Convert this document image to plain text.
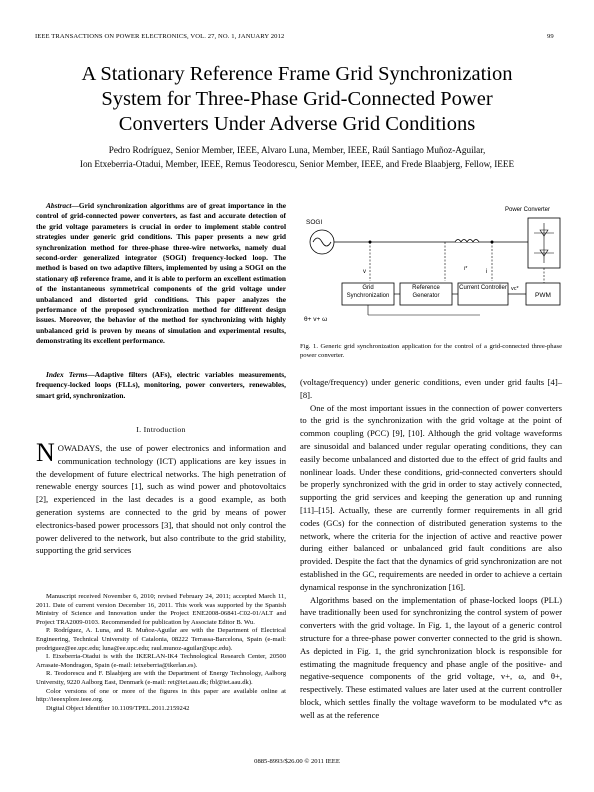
IEEE TRANSACTIONS ON POWER ELECTRONICS, VOL. 27, NO. 1, JANUARY 2012	99
A Stationary Reference Frame Grid Synchronization
System for Three-Phase Grid-Connected Power
Converters Under Adverse Grid Conditions
Pedro Rodríguez, Senior Member, IEEE, Alvaro Luna, Member, IEEE, Raúl Santiago Muñoz-Aguilar,
Ion Etxeberria-Otadui, Member, IEEE, Remus Teodorescu, Senior Member, IEEE, and Frede Blaabjerg, Fellow, IEEE

Abstract—Grid synchronization algorithms are of great importance in the control of grid-connected power converters, as fast and accurate detection of the grid voltage parameters is crucial in order to implement stable control strategies under generic grid conditions. This paper presents a new grid synchronization method for three-phase three-wire networks, namely dual second-order generalized integrator (SOGI) frequency-locked loop. The method is based on two adaptive filters, implemented by using a SOGI on the stationary αβ reference frame, and it is able to perform an excellent estimation of the instantaneous symmetrical components of the grid voltage under unbalanced and distorted grid conditions. This paper analyzes the performance of the proposed synchronization method for different design issues. Moreover, the behavior of the method for synchronizing with highly unbalanced grid is proven by means of simulation and experimental results, demonstrating its excellent performance.

Index Terms—Adaptive filters (AFs), electric variables measurements, frequency-locked loops (FLLs), monitoring, power converters, renewables, smart grid, synchronization.

I. Introduction

NOWADAYS, the use of power electronics and information and communication technology (ICT) applications are key issues in the development of future electrical networks. The high penetration of renewable energy sources [1], such as wind power and photovoltaics [2], experienced in the last decades is a good example, as both generation systems are connected to the grid by means of power electronics-based power processors [3], that should not only control the power delivered to the network, but also contribute to the grid stability, supporting the grid services

Manuscript received November 6, 2010; revised February 24, 2011; accepted March 11, 2011. Date of current version December 16, 2011. This work was supported by the Spanish Ministry of Science and Innovation under the Project ENE2008-06841-C02-01/ALT and Project TRA2009-0103. Recommended for publication by Associate Editor B. Wu.

P. Rodríguez, A. Luna, and R. Muñoz-Aguilar are with the Department of Electrical Engineering, Technical University of Catalonia, 08222 Terrassa-Barcelona, Spain (e-mail: prodriguez@ee.upc.edu; luna@ee.upc.edu; raul.munoz-aguilar@upc.edu).

I. Etxeberria-Otadui is with the IKERLAN-IK4 Technological Research Center, 20500 Arrasate-Mondragon, Spain (e-mail: ietxeberria@ikerlan.es).

R. Teodorescu and F. Blaabjerg are with the Department of Energy Technology, Aalborg University, 9220 Aalborg East, Denmark (e-mail: ret@iet.aau.dk; fbl@iet.aau.dk).

Color versions of one or more of the figures in this paper are available online at http://ieeexplore.ieee.org.

Digital Object Identifier 10.1109/TPEL.2011.2159242

SOGI
v	i
i*
Power Converter
Grid Synchronization
Reference Generator
Current Controller
PWM
vc*
θ+ v+ ω
Fig. 1. Generic grid synchronization application for the control of a grid-connected three-phase power converter.

(voltage/frequency) under generic conditions, even under grid faults [4]–[8].

One of the most important issues in the connection of power converters to the grid is the synchronization with the grid voltage at the point of common coupling (PCC) [9], [10]. Although the grid voltage waveforms are sinusoidal and balanced under regular operating conditions, they can easily become unbalanced and distorted due to the effect of grid faults and nonlinear loads. Under these conditions, grid-connected converters should be properly synchronized with the grid in order to stay actively connected, supporting the grid services and keeping the generation up and running [11]–[15]. Actually, these are currently former requirements in all grid codes (GCs) for the connection of distributed generation systems to the network, where the criteria for the injection of active and reactive power during either balanced or unbalanced grid fault conditions are also provided. Despite the fact that the dynamics of grid synchronization are not established in the GC, requirements are needed in order to achieve a certain dynamical response in the synchronization [16].

Algorithms based on the implementation of phase-locked loops (PLL) have traditionally been used for synchronizing the control system of power converters with the grid voltage. In Fig. 1, the layout of a generic control structure for a three-phase power converter connected to the grid is shown. As depicted in Fig. 1, the grid synchronization block is responsible for estimating the magnitude frequency and phase angle of the positive- and negative-sequence components of the grid voltage, v+, ω, and θ+, respectively. These estimated values are later used at the current controller block, which settles finally the voltage waveform to be modulated v*c as well as at the reference

0885-8993/$26.00 © 2011 IEEE
